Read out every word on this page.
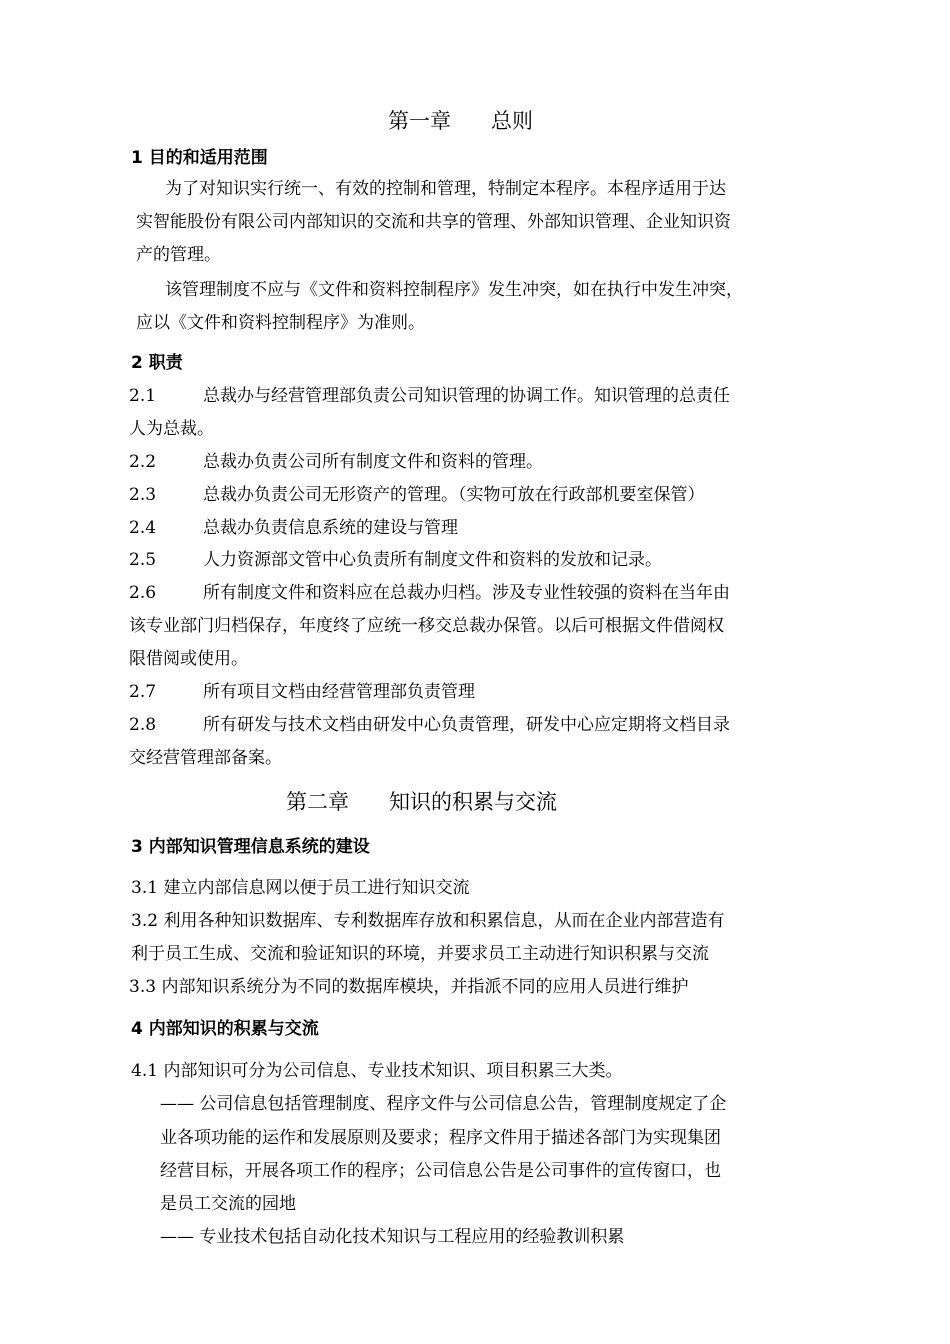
第一章      总则
1 目的和适用范围
为了对知识实行统一、有效的控制和管理，特制定本程序。本程序适用于达
实智能股份有限公司内部知识的交流和共享的管理、外部知识管理、企业知识资
产的管理。
该管理制度不应与《文件和资料控制程序》发生冲突，如在执行中发生冲突，
应以《文件和资料控制程序》为准则。
2 职责
2.1	总裁办与经营管理部负责公司知识管理的协调工作。知识管理的总责任
人为总裁。
2.2	总裁办负责公司所有制度文件和资料的管理。
2.3	总裁办负责公司无形资产的管理。（实物可放在行政部机要室保管）
2.4	总裁办负责信息系统的建设与管理
2.5	人力资源部文管中心负责所有制度文件和资料的发放和记录。
2.6	所有制度文件和资料应在总裁办归档。涉及专业性较强的资料在当年由
该专业部门归档保存，年度终了应统一移交总裁办保管。以后可根据文件借阅权
限借阅或使用。
2.7	所有项目文档由经营管理部负责管理
2.8	所有研发与技术文档由研发中心负责管理，研发中心应定期将文档目录
交经营管理部备案。
第二章      知识的积累与交流
3 内部知识管理信息系统的建设
3.1 建立内部信息网以便于员工进行知识交流
3.2 利用各种知识数据库、专利数据库存放和积累信息，从而在企业内部营造有
利于员工生成、交流和验证知识的环境，并要求员工主动进行知识积累与交流
3.3 内部知识系统分为不同的数据库模块，并指派不同的应用人员进行维护
4 内部知识的积累与交流
4.1 内部知识可分为公司信息、专业技术知识、项目积累三大类。
—— 公司信息包括管理制度、程序文件与公司信息公告，管理制度规定了企
业各项功能的运作和发展原则及要求；程序文件用于描述各部门为实现集团
经营目标，开展各项工作的程序；公司信息公告是公司事件的宣传窗口，也
是员工交流的园地
—— 专业技术包括自动化技术知识与工程应用的经验教训积累
